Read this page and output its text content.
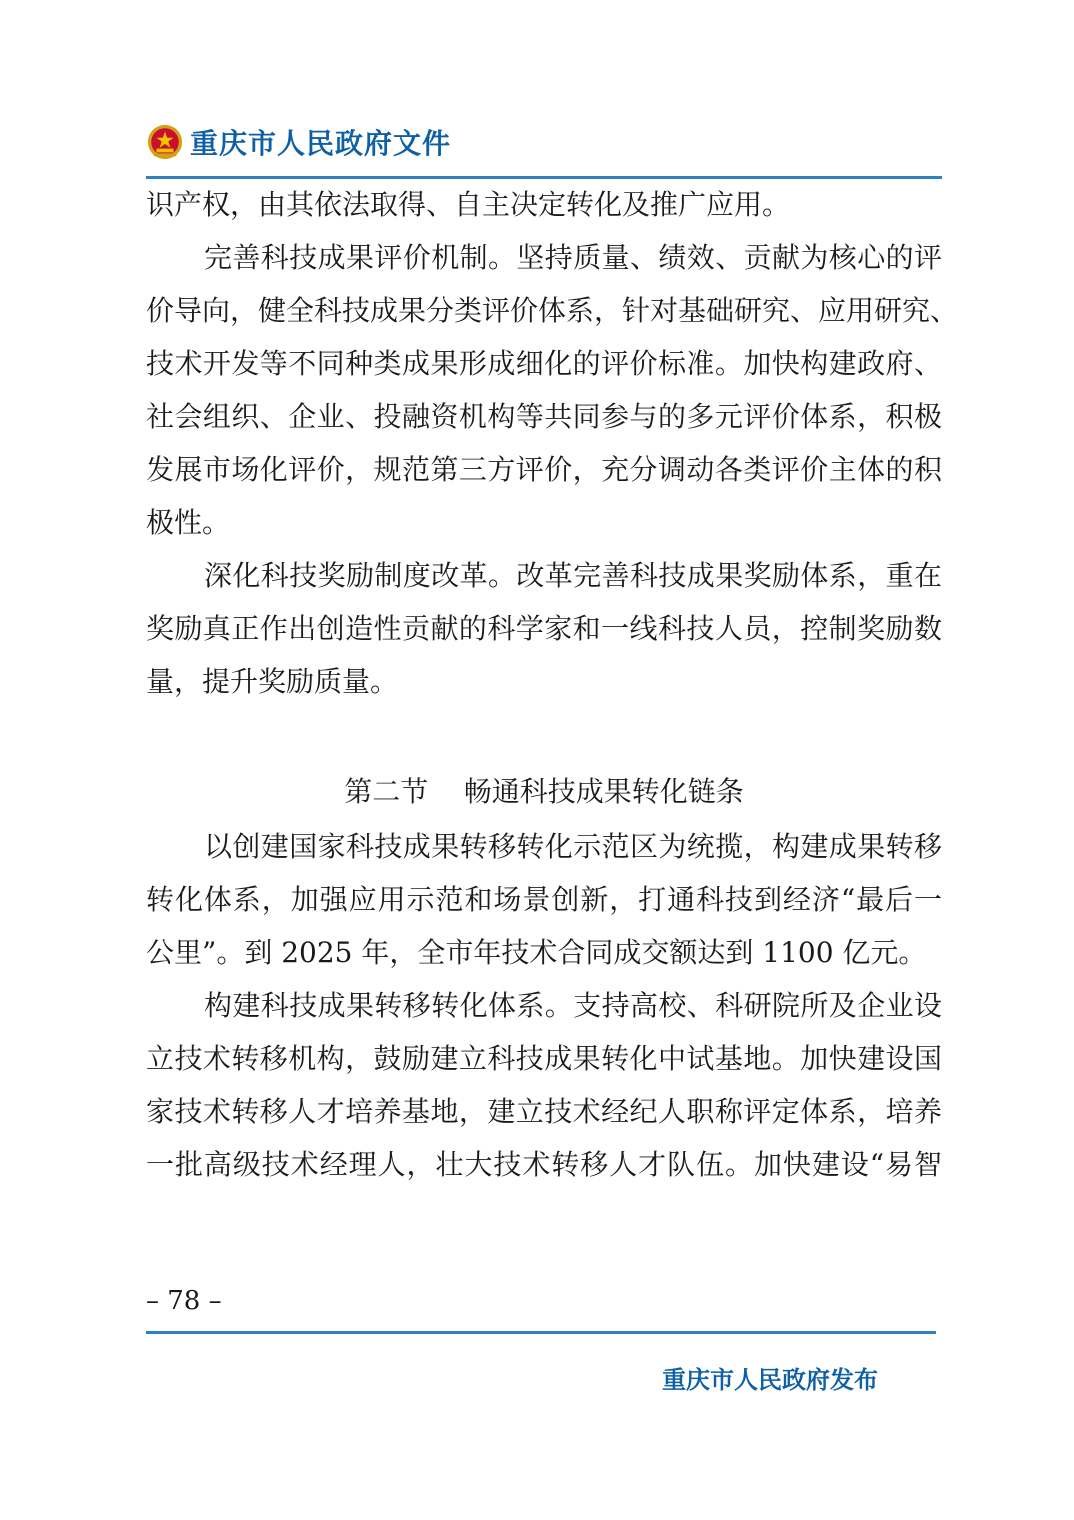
重庆市人民政府文件
识产权，由其依法取得、自主决定转化及推广应用。
完善科技成果评价机制。坚持质量、绩效、贡献为核心的评
价导向，健全科技成果分类评价体系，针对基础研究、应用研究、
技术开发等不同种类成果形成细化的评价标准。加快构建政府、
社会组织、企业、投融资机构等共同参与的多元评价体系，积极
发展市场化评价，规范第三方评价，充分调动各类评价主体的积
极性。
深化科技奖励制度改革。改革完善科技成果奖励体系，重在
奖励真正作出创造性贡献的科学家和一线科技人员，控制奖励数
量，提升奖励质量。
第二节    畅通科技成果转化链条
以创建国家科技成果转移转化示范区为统揽，构建成果转移
转化体系，加强应用示范和场景创新，打通科技到经济“最后一
公里”。到 2025 年，全市年技术合同成交额达到 1100 亿元。
构建科技成果转移转化体系。支持高校、科研院所及企业设
立技术转移机构，鼓励建立科技成果转化中试基地。加快建设国
家技术转移人才培养基地，建立技术经纪人职称评定体系，培养
一批高级技术经理人，壮大技术转移人才队伍。加快建设“易智
– 78 –
重庆市人民政府发布
